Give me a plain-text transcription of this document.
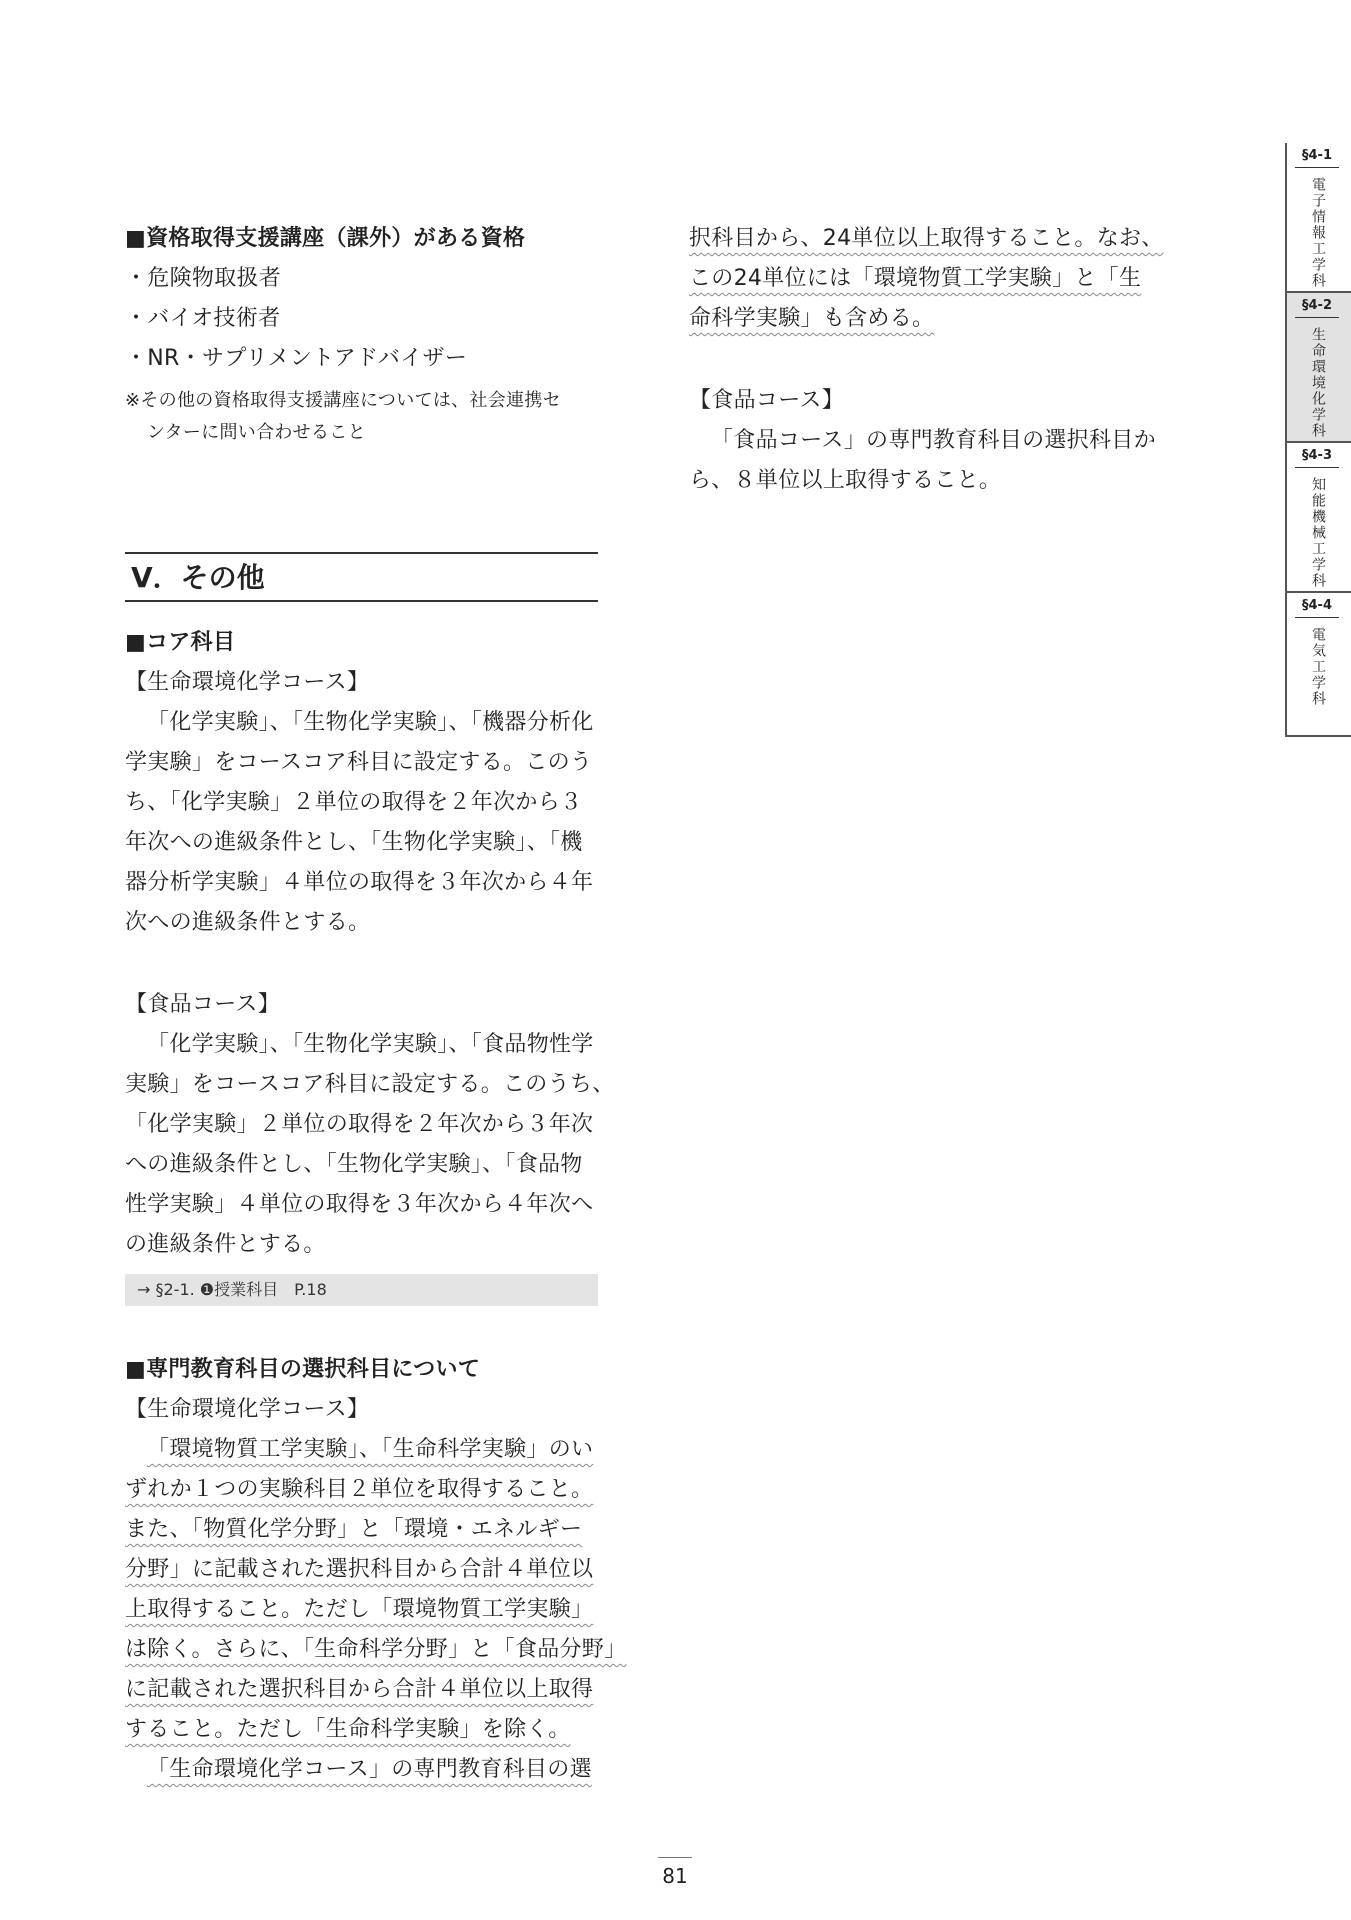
■資格取得支援講座（課外）がある資格
・危険物取扱者
・バイオ技術者
・NR・サプリメントアドバイザー
※その他の資格取得支援講座については、社会連携セ
ンターに問い合わせること
Ⅴ．その他
■コア科目
【生命環境化学コース】
「化学実験」、「生物化学実験」、「機器分析化
学実験」をコースコア科目に設定する。このう
ち、「化学実験」２単位の取得を２年次から３
年次への進級条件とし、「生物化学実験」、「機
器分析学実験」４単位の取得を３年次から４年
次への進級条件とする。
【食品コース】
「化学実験」、「生物化学実験」、「食品物性学
実験」をコースコア科目に設定する。このうち、
「化学実験」２単位の取得を２年次から３年次
への進級条件とし、「生物化学実験」、「食品物
性学実験」４単位の取得を３年次から４年次へ
の進級条件とする。
→ §2-1. ❶授業科目　P.18
■専門教育科目の選択科目について
【生命環境化学コース】
「環境物質工学実験」、「生命科学実験」のい
ずれか１つの実験科目２単位を取得すること。
また、「物質化学分野」と「環境・エネルギー
分野」に記載された選択科目から合計４単位以
上取得すること。ただし「環境物質工学実験」
は除く。さらに、「生命科学分野」と「食品分野」
に記載された選択科目から合計４単位以上取得
すること。ただし「生命科学実験」を除く。
「生命環境化学コース」の専門教育科目の選
択科目から、24単位以上取得すること。なお、
この24単位には「環境物質工学実験」と「生
命科学実験」も含める。
【食品コース】
「食品コース」の専門教育科目の選択科目か
ら、８単位以上取得すること。
§4-1
電子情報工学科
§4-2
生命環境化学科
§4-3
知能機械工学科
§4-4
電気工学科
81
